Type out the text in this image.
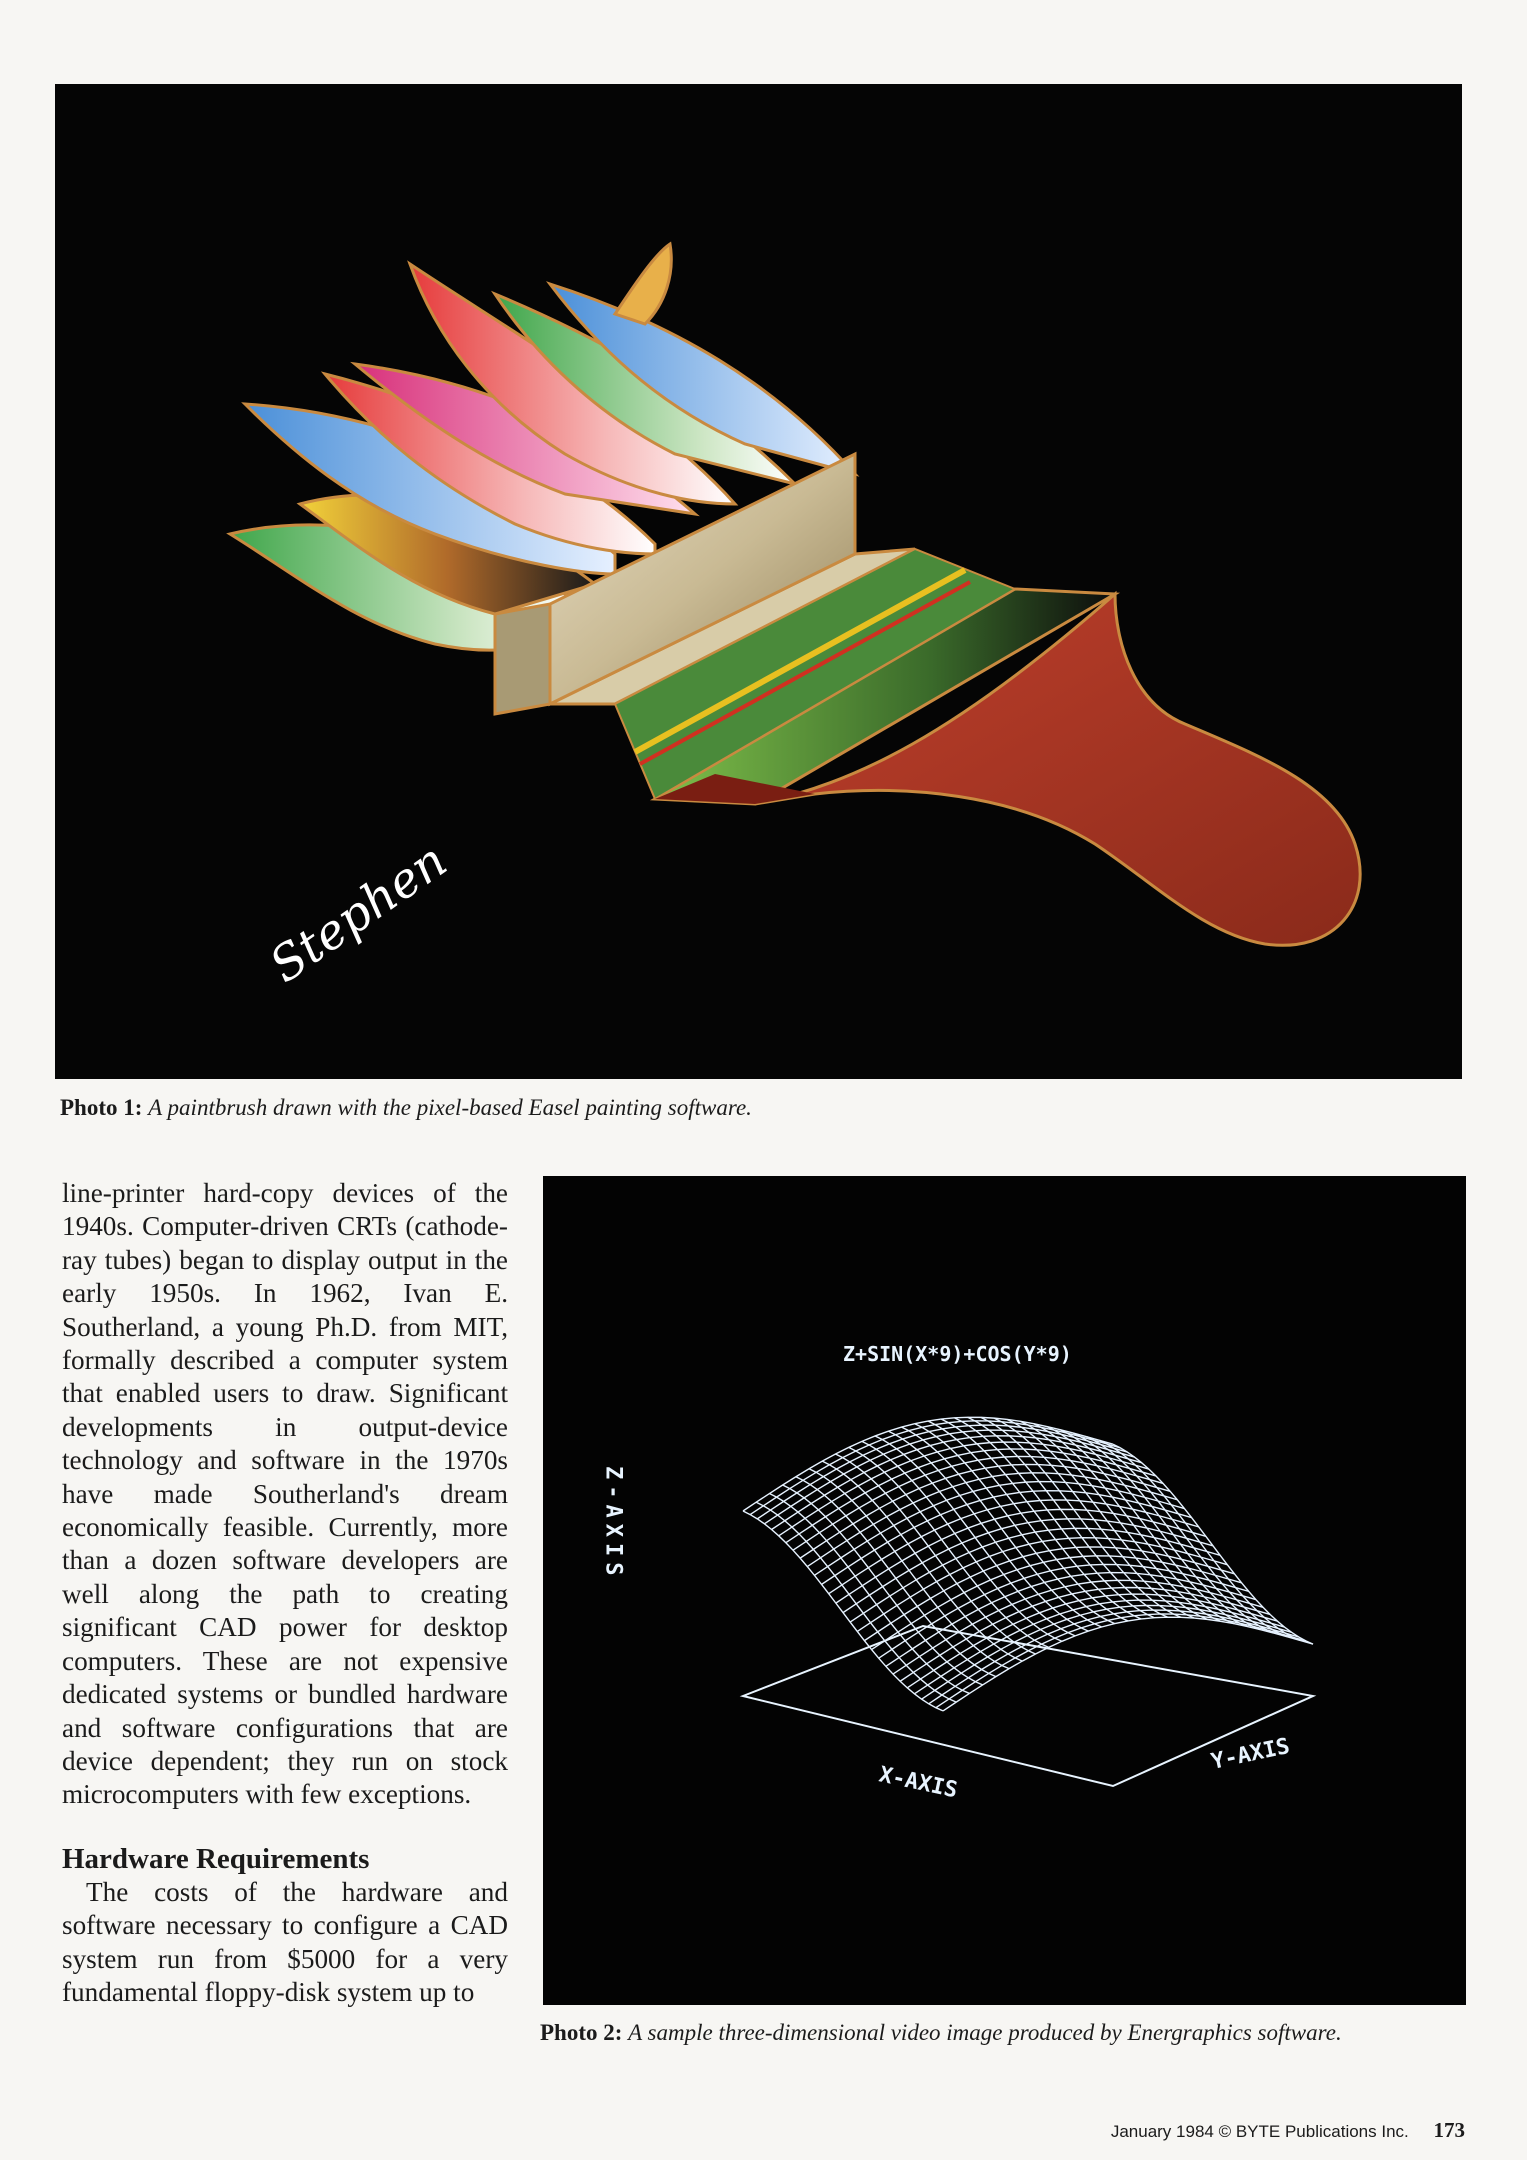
Stephen
Photo 1: A paintbrush drawn with the pixel-based Easel painting software.

line-printer hard-copy devices of the 1940s. Computer-driven CRTs (cathode-ray tubes) began to display output in the early 1950s. In 1962, Ivan E. Southerland, a young Ph.D. from MIT, formally described a computer system that enabled users to draw. Significant developments in output-device technology and software in the 1970s have made Southerland's dream economically feasible. Currently, more than a dozen software developers are well along the path to creating significant CAD power for desktop computers. These are not expensive dedicated systems or bundled hardware and software configurations that are device dependent; they run on stock microcomputers with few exceptions.

Hardware Requirements

The costs of the hardware and software necessary to configure a CAD system run from $5000 for a very fundamental floppy-disk system up to

Z+SIN(X*9)+COS(Y*9)
Z-AXIS
X-AXIS
Y-AXIS
Photo 2: A sample three-dimensional video image produced by Energraphics software.
January 1984 © BYTE Publications Inc. 173
